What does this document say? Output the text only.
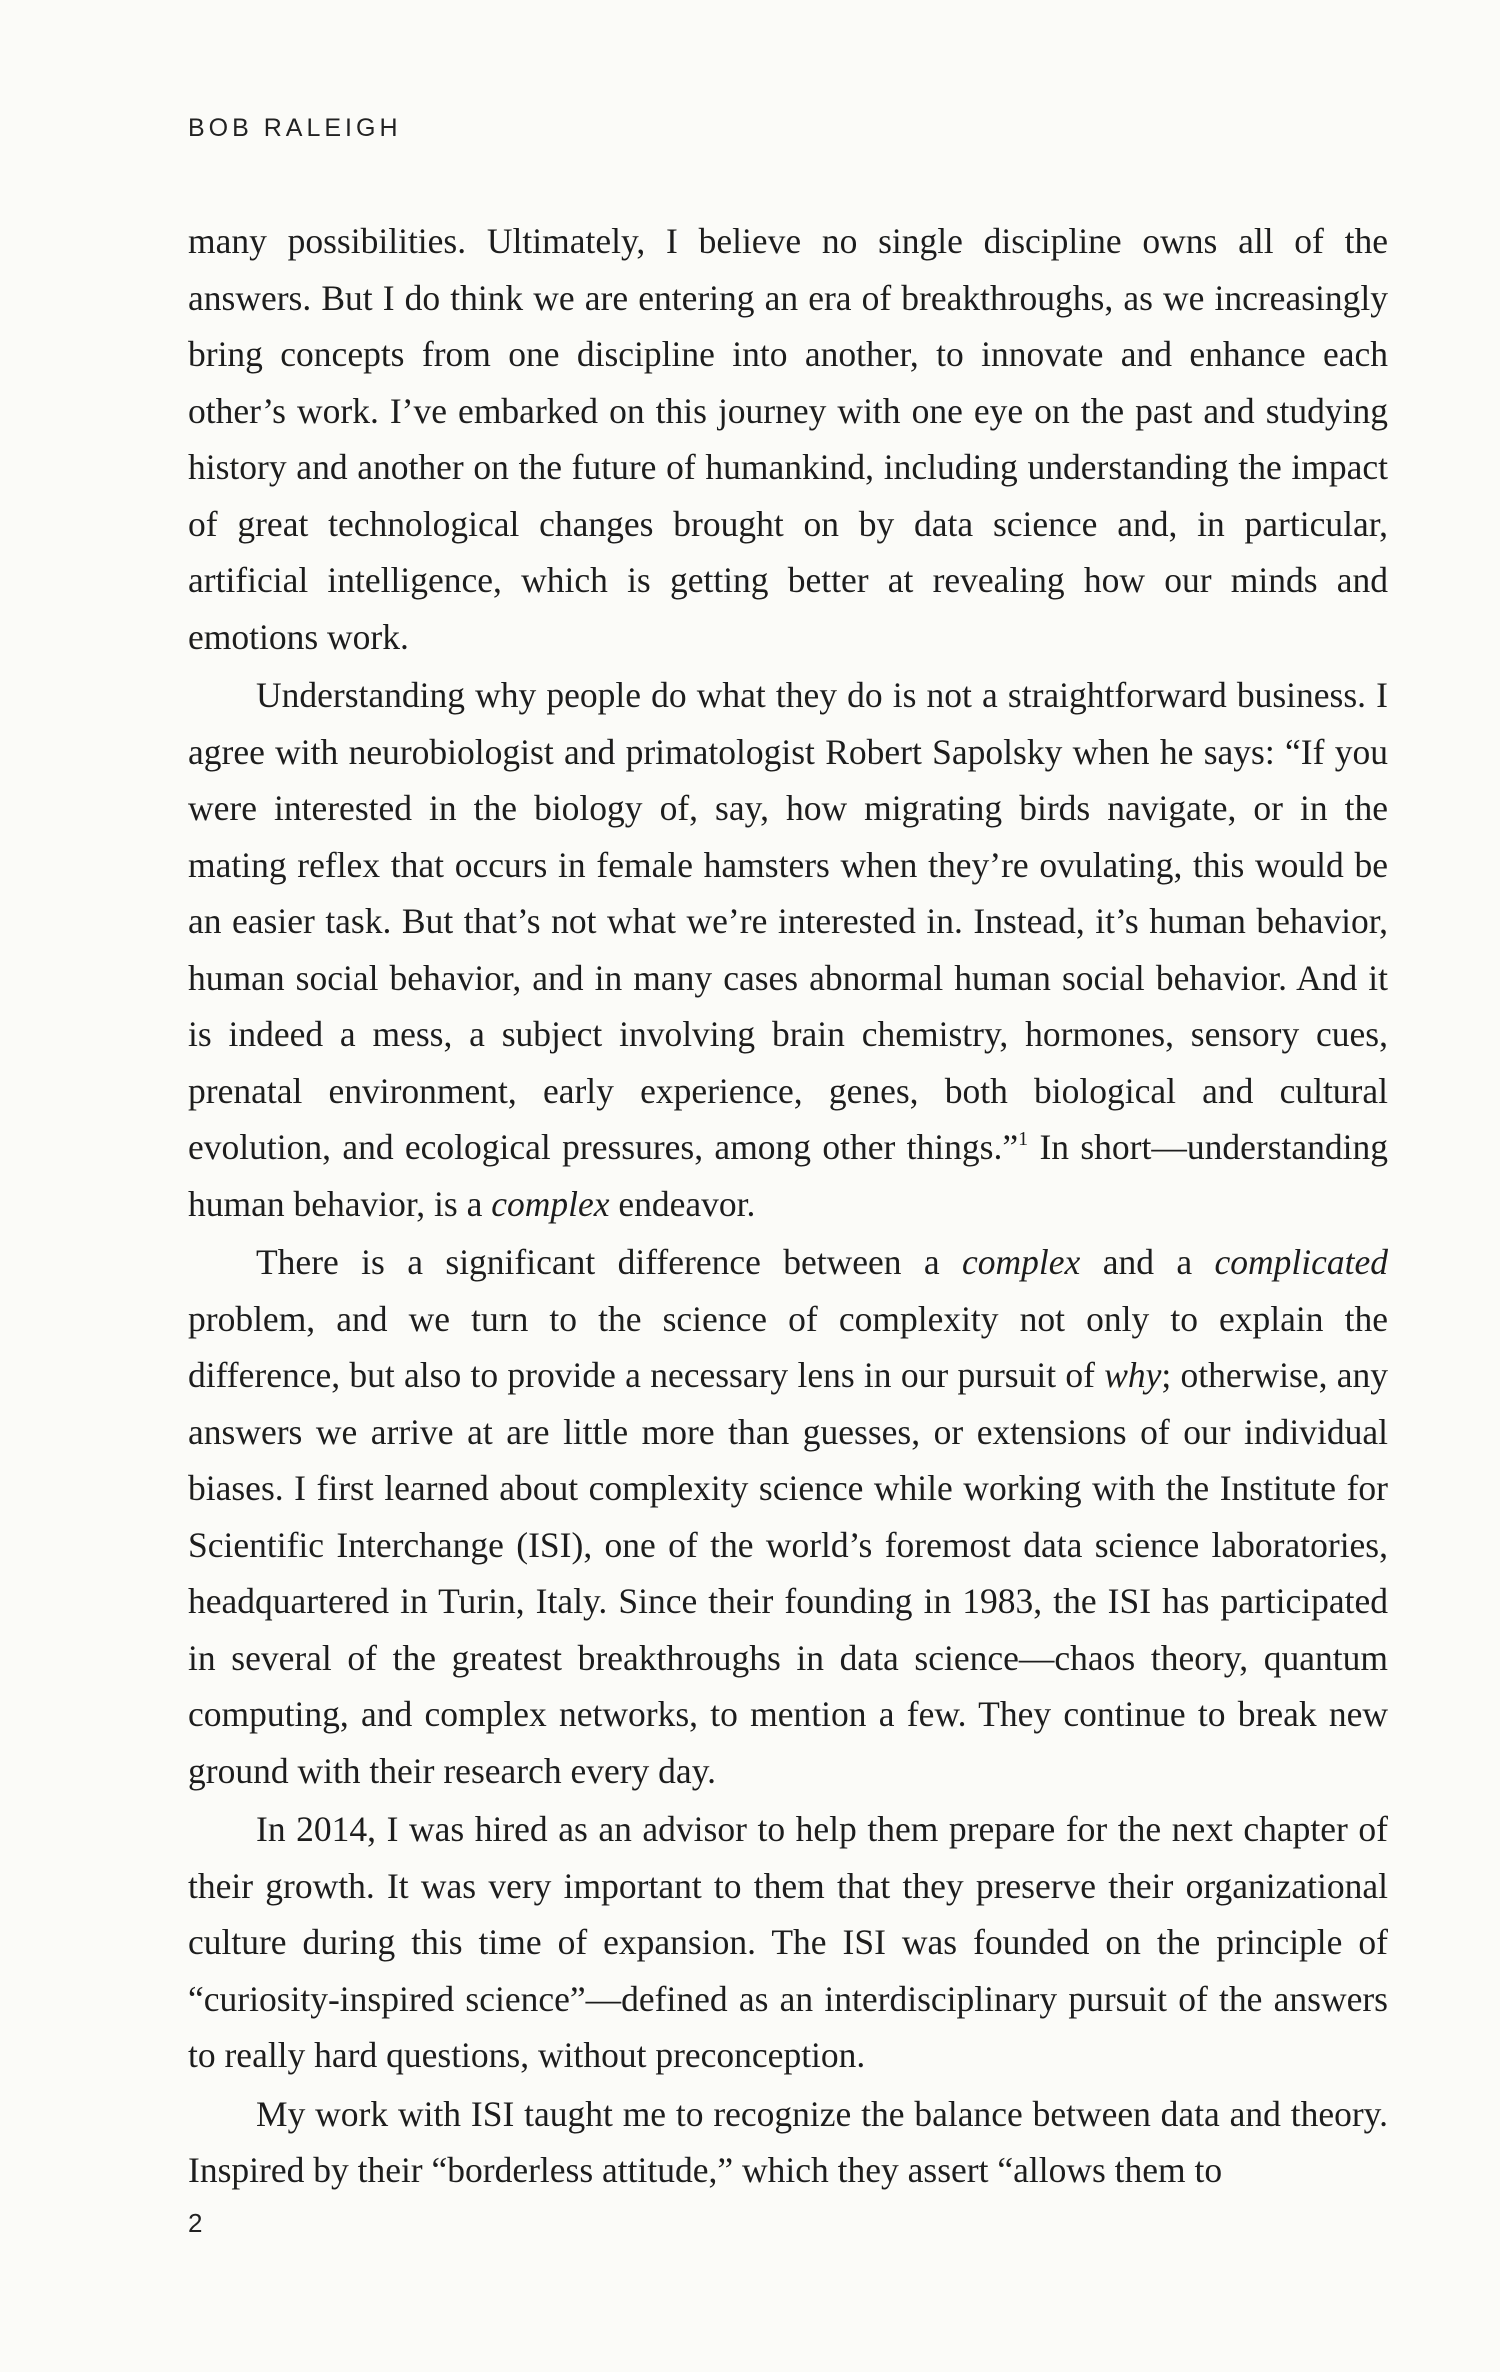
BOB RALEIGH

many possibilities. Ultimately, I believe no single discipline owns all of the answers. But I do think we are entering an era of breakthroughs, as we increasingly bring concepts from one discipline into another, to innovate and enhance each other’s work. I’ve embarked on this journey with one eye on the past and studying history and another on the future of humankind, including understanding the impact of great technological changes brought on by data science and, in particular, artificial intelligence, which is getting better at revealing how our minds and emotions work.

Understanding why people do what they do is not a straightforward business. I agree with neurobiologist and primatologist Robert Sapolsky when he says: “If you were interested in the biology of, say, how migrating birds navigate, or in the mating reflex that occurs in female hamsters when they’re ovulating, this would be an easier task. But that’s not what we’re interested in. Instead, it’s human behavior, human social behavior, and in many cases abnormal human social behavior. And it is indeed a mess, a subject involving brain chemistry, hormones, sensory cues, prenatal environment, early experience, genes, both biological and cultural evolution, and ecological pressures, among other things.”$^1$ In short—understanding human behavior, is a complex endeavor.

There is a significant difference between a complex and a complicated problem, and we turn to the science of complexity not only to explain the difference, but also to provide a necessary lens in our pursuit of why; otherwise, any answers we arrive at are little more than guesses, or extensions of our individual biases. I first learned about complexity science while working with the Institute for Scientific Interchange (ISI), one of the world’s foremost data science laboratories, headquartered in Turin, Italy. Since their founding in 1983, the ISI has participated in several of the greatest breakthroughs in data science—chaos theory, quantum computing, and complex networks, to mention a few. They continue to break new ground with their research every day.

In 2014, I was hired as an advisor to help them prepare for the next chapter of their growth. It was very important to them that they preserve their organizational culture during this time of expansion. The ISI was founded on the principle of “curiosity-inspired science”—defined as an interdisciplinary pursuit of the answers to really hard questions, without preconception.

My work with ISI taught me to recognize the balance between data and theory. Inspired by their “borderless attitude,” which they assert “allows them to

2
